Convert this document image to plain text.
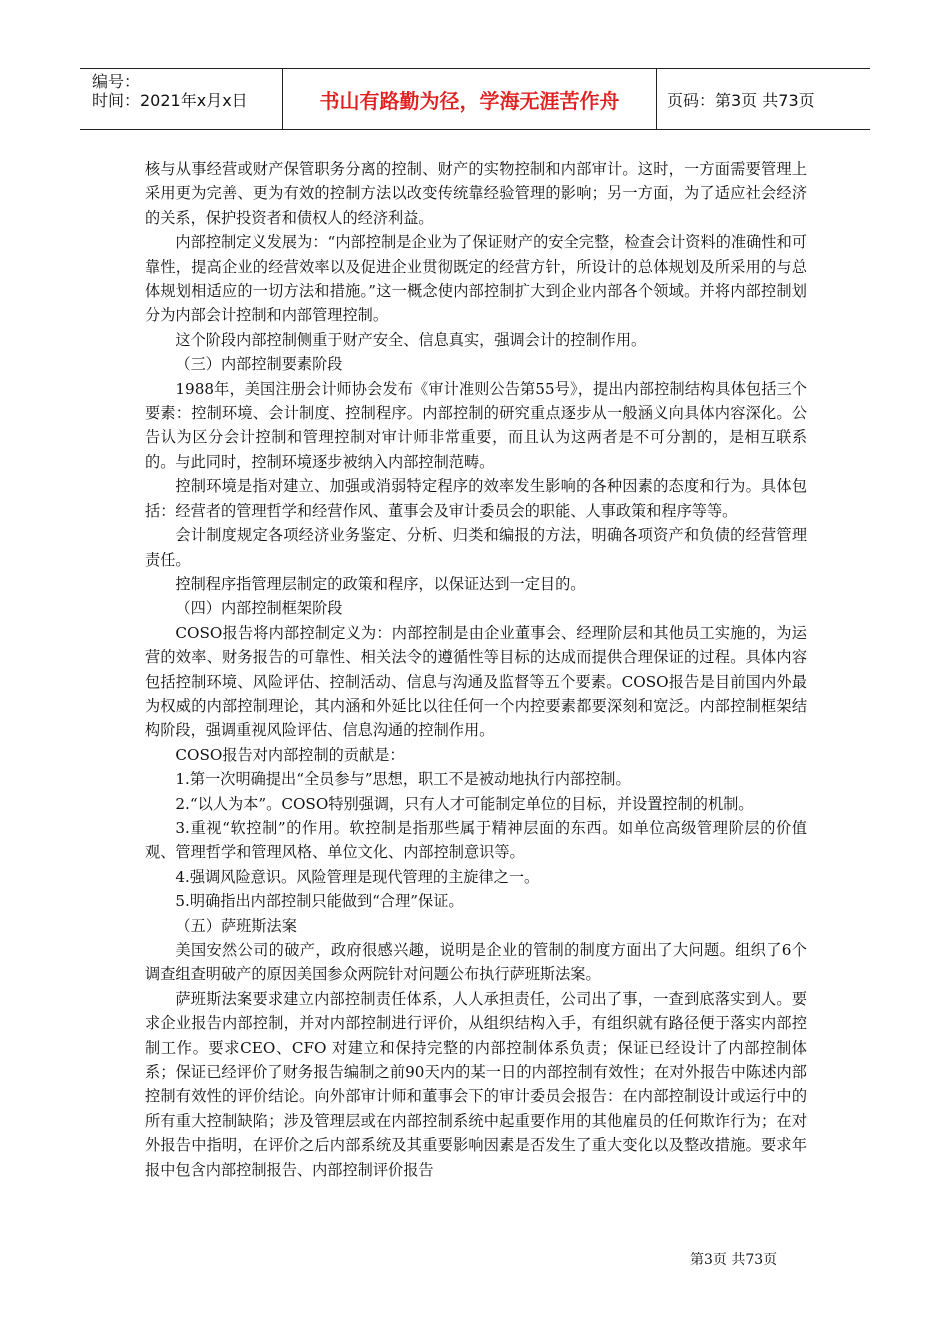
编号：
时间：2021年x月x日	书山有路勤为径，学海无涯苦作舟	页码：第3页 共73页

核与从事经营或财产保管职务分离的控制、财产的实物控制和内部审计。这时，一方面需要管理上采用更为完善、更为有效的控制方法以改变传统靠经验管理的影响；另一方面，为了适应社会经济的关系，保护投资者和债权人的经济利益。

内部控制定义发展为：“内部控制是企业为了保证财产的安全完整，检查会计资料的准确性和可靠性，提高企业的经营效率以及促进企业贯彻既定的经营方针，所设计的总体规划及所采用的与总体规划相适应的一切方法和措施。”这一概念使内部控制扩大到企业内部各个领域。并将内部控制划分为内部会计控制和内部管理控制。

这个阶段内部控制侧重于财产安全、信息真实，强调会计的控制作用。

（三）内部控制要素阶段

1988年，美国注册会计师协会发布《审计准则公告第55号》，提出内部控制结构具体包括三个要素：控制环境、会计制度、控制程序。内部控制的研究重点逐步从一般涵义向具体内容深化。公告认为区分会计控制和管理控制对审计师非常重要，而且认为这两者是不可分割的，是相互联系的。与此同时，控制环境逐步被纳入内部控制范畴。

控制环境是指对建立、加强或消弱特定程序的效率发生影响的各种因素的态度和行为。具体包括：经营者的管理哲学和经营作风、董事会及审计委员会的职能、人事政策和程序等等。

会计制度规定各项经济业务鉴定、分析、归类和编报的方法，明确各项资产和负债的经营管理责任。

控制程序指管理层制定的政策和程序，以保证达到一定目的。

（四）内部控制框架阶段

COSO报告将内部控制定义为：内部控制是由企业董事会、经理阶层和其他员工实施的，为运营的效率、财务报告的可靠性、相关法令的遵循性等目标的达成而提供合理保证的过程。具体内容包括控制环境、风险评估、控制活动、信息与沟通及监督等五个要素。COSO报告是目前国内外最为权威的内部控制理论，其内涵和外延比以往任何一个内控要素都要深刻和宽泛。内部控制框架结构阶段，强调重视风险评估、信息沟通的控制作用。

COSO报告对内部控制的贡献是：

1.第一次明确提出“全员参与”思想，职工不是被动地执行内部控制。

2.“以人为本”。COSO特别强调，只有人才可能制定单位的目标，并设置控制的机制。

3.重视“软控制”的作用。软控制是指那些属于精神层面的东西。如单位高级管理阶层的价值观、管理哲学和管理风格、单位文化、内部控制意识等。

4.强调风险意识。风险管理是现代管理的主旋律之一。

5.明确指出内部控制只能做到“合理”保证。

（五）萨班斯法案

美国安然公司的破产，政府很感兴趣，说明是企业的管制的制度方面出了大问题。组织了6个调查组查明破产的原因美国参众两院针对问题公布执行萨班斯法案。

萨班斯法案要求建立内部控制责任体系，人人承担责任，公司出了事，一查到底落实到人。要求企业报告内部控制，并对内部控制进行评价，从组织结构入手，有组织就有路径便于落实内部控制工作。要求CEO、CFO 对建立和保持完整的内部控制体系负责；保证已经设计了内部控制体系；保证已经评价了财务报告编制之前90天内的某一日的内部控制有效性；在对外报告中陈述内部控制有效性的评价结论。向外部审计师和董事会下的审计委员会报告：在内部控制设计或运行中的所有重大控制缺陷；涉及管理层或在内部控制系统中起重要作用的其他雇员的任何欺诈行为；在对外报告中指明，在评价之后内部系统及其重要影响因素是否发生了重大变化以及整改措施。要求年报中包含内部控制报告、内部控制评价报告

第3页 共73页
